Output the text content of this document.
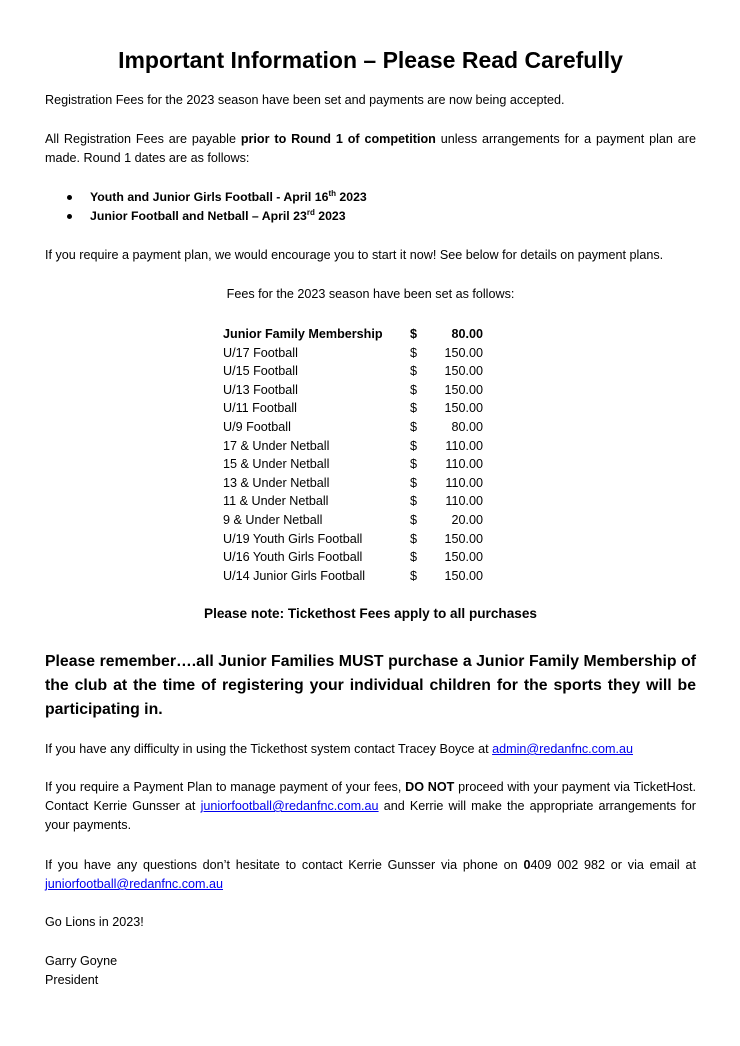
Important Information – Please Read Carefully

Registration Fees for the 2023 season have been set and payments are now being accepted.

All Registration Fees are payable prior to Round 1 of competition unless arrangements for a payment plan are made. Round 1 dates are as follows:

Youth and Junior Girls Football - April 16th 2023
Junior Football and Netball – April 23rd 2023

If you require a payment plan, we would encourage you to start it now! See below for details on payment plans.

Fees for the 2023 season have been set as follows:

Junior Family Membership	$	80.00
U/17 Football	$	150.00
U/15 Football	$	150.00
U/13 Football	$	150.00
U/11 Football	$	150.00
U/9 Football	$	80.00
17 & Under Netball	$	110.00
15 & Under Netball	$	110.00
13 & Under Netball	$	110.00
11 & Under Netball	$	110.00
9 & Under Netball	$	20.00
U/19 Youth Girls Football	$	150.00
U/16 Youth Girls Football	$	150.00
U/14 Junior Girls Football	$	150.00

Please note: Tickethost Fees apply to all purchases

Please remember….all Junior Families MUST purchase a Junior Family Membership of the club at the time of registering your individual children for the sports they will be participating in.

If you have any difficulty in using the Tickethost system contact Tracey Boyce at admin@redanfnc.com.au

If you require a Payment Plan to manage payment of your fees, DO NOT proceed with your payment via TicketHost. Contact Kerrie Gunsser at juniorfootball@redanfnc.com.au and Kerrie will make the appropriate arrangements for your payments.

If you have any questions don’t hesitate to contact Kerrie Gunsser via phone on 0409 002 982 or via email at juniorfootball@redanfnc.com.au

Go Lions in 2023!

Garry Goyne

President
